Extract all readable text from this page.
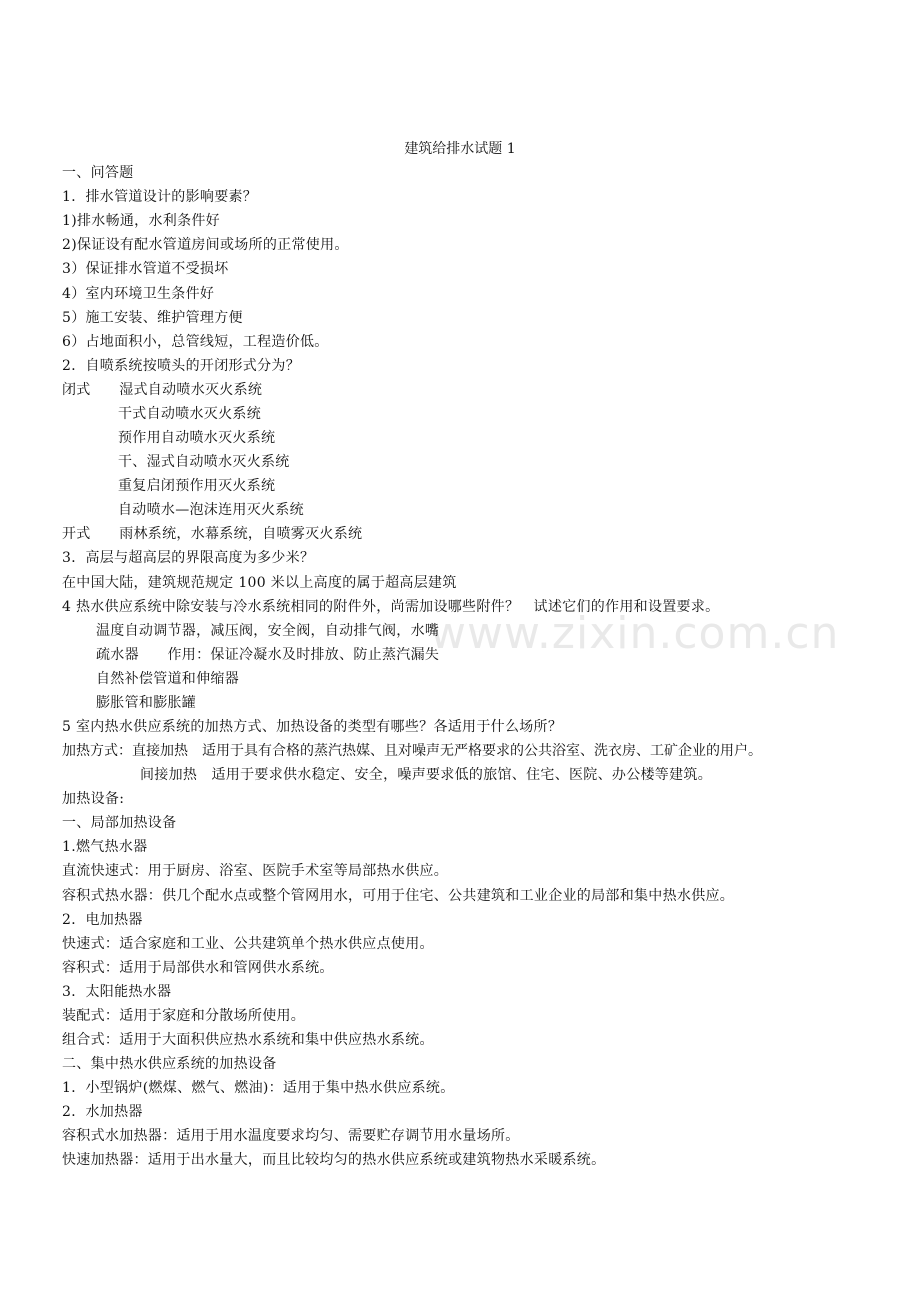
www.zixin.com.cn
建筑给排水试题 1
一、问答题
1．排水管道设计的影响要素？
1)排水畅通，水利条件好
2)保证设有配水管道房间或场所的正常使用。
3）保证排水管道不受损坏
4）室内环境卫生条件好
5）施工安装、维护管理方便
6）占地面积小，总管线短，工程造价低。
2．自喷系统按喷头的开闭形式分为？
闭式　　湿式自动喷水灭火系统
干式自动喷水灭火系统
预作用自动喷水灭火系统
干、湿式自动喷水灭火系统
重复启闭预作用灭火系统
自动喷水—泡沫连用灭火系统
开式　　雨林系统，水幕系统，自喷雾灭火系统
3．高层与超高层的界限高度为多少米？
在中国大陆，建筑规范规定 100 米以上高度的属于超高层建筑
4 热水供应系统中除安装与冷水系统相同的附件外，尚需加设哪些附件？　试述它们的作用和设置要求。
温度自动调节器，减压阀，安全阀，自动排气阀，水嘴
疏水器　　作用：保证冷凝水及时排放、防止蒸汽漏失
自然补偿管道和伸缩器
膨胀管和膨胀罐
5 室内热水供应系统的加热方式、加热设备的类型有哪些？各适用于什么场所？
加热方式：直接加热　适用于具有合格的蒸汽热媒、且对噪声无严格要求的公共浴室、洗衣房、工矿企业的用户。
间接加热　适用于要求供水稳定、安全，噪声要求低的旅馆、住宅、医院、办公楼等建筑。
加热设备:
一、局部加热设备
1.燃气热水器
直流快速式：用于厨房、浴室、医院手术室等局部热水供应。
容积式热水器：供几个配水点或整个管网用水，可用于住宅、公共建筑和工业企业的局部和集中热水供应。
2．电加热器
快速式：适合家庭和工业、公共建筑单个热水供应点使用。
容积式：适用于局部供水和管网供水系统。
3．太阳能热水器
装配式：适用于家庭和分散场所使用。
组合式：适用于大面积供应热水系统和集中供应热水系统。
二、集中热水供应系统的加热设备
1．小型锅炉(燃煤、燃气、燃油)：适用于集中热水供应系统。
2．水加热器
容积式水加热器：适用于用水温度要求均匀、需要贮存调节用水量场所。
快速加热器：适用于出水量大，而且比较均匀的热水供应系统或建筑物热水采暖系统。
